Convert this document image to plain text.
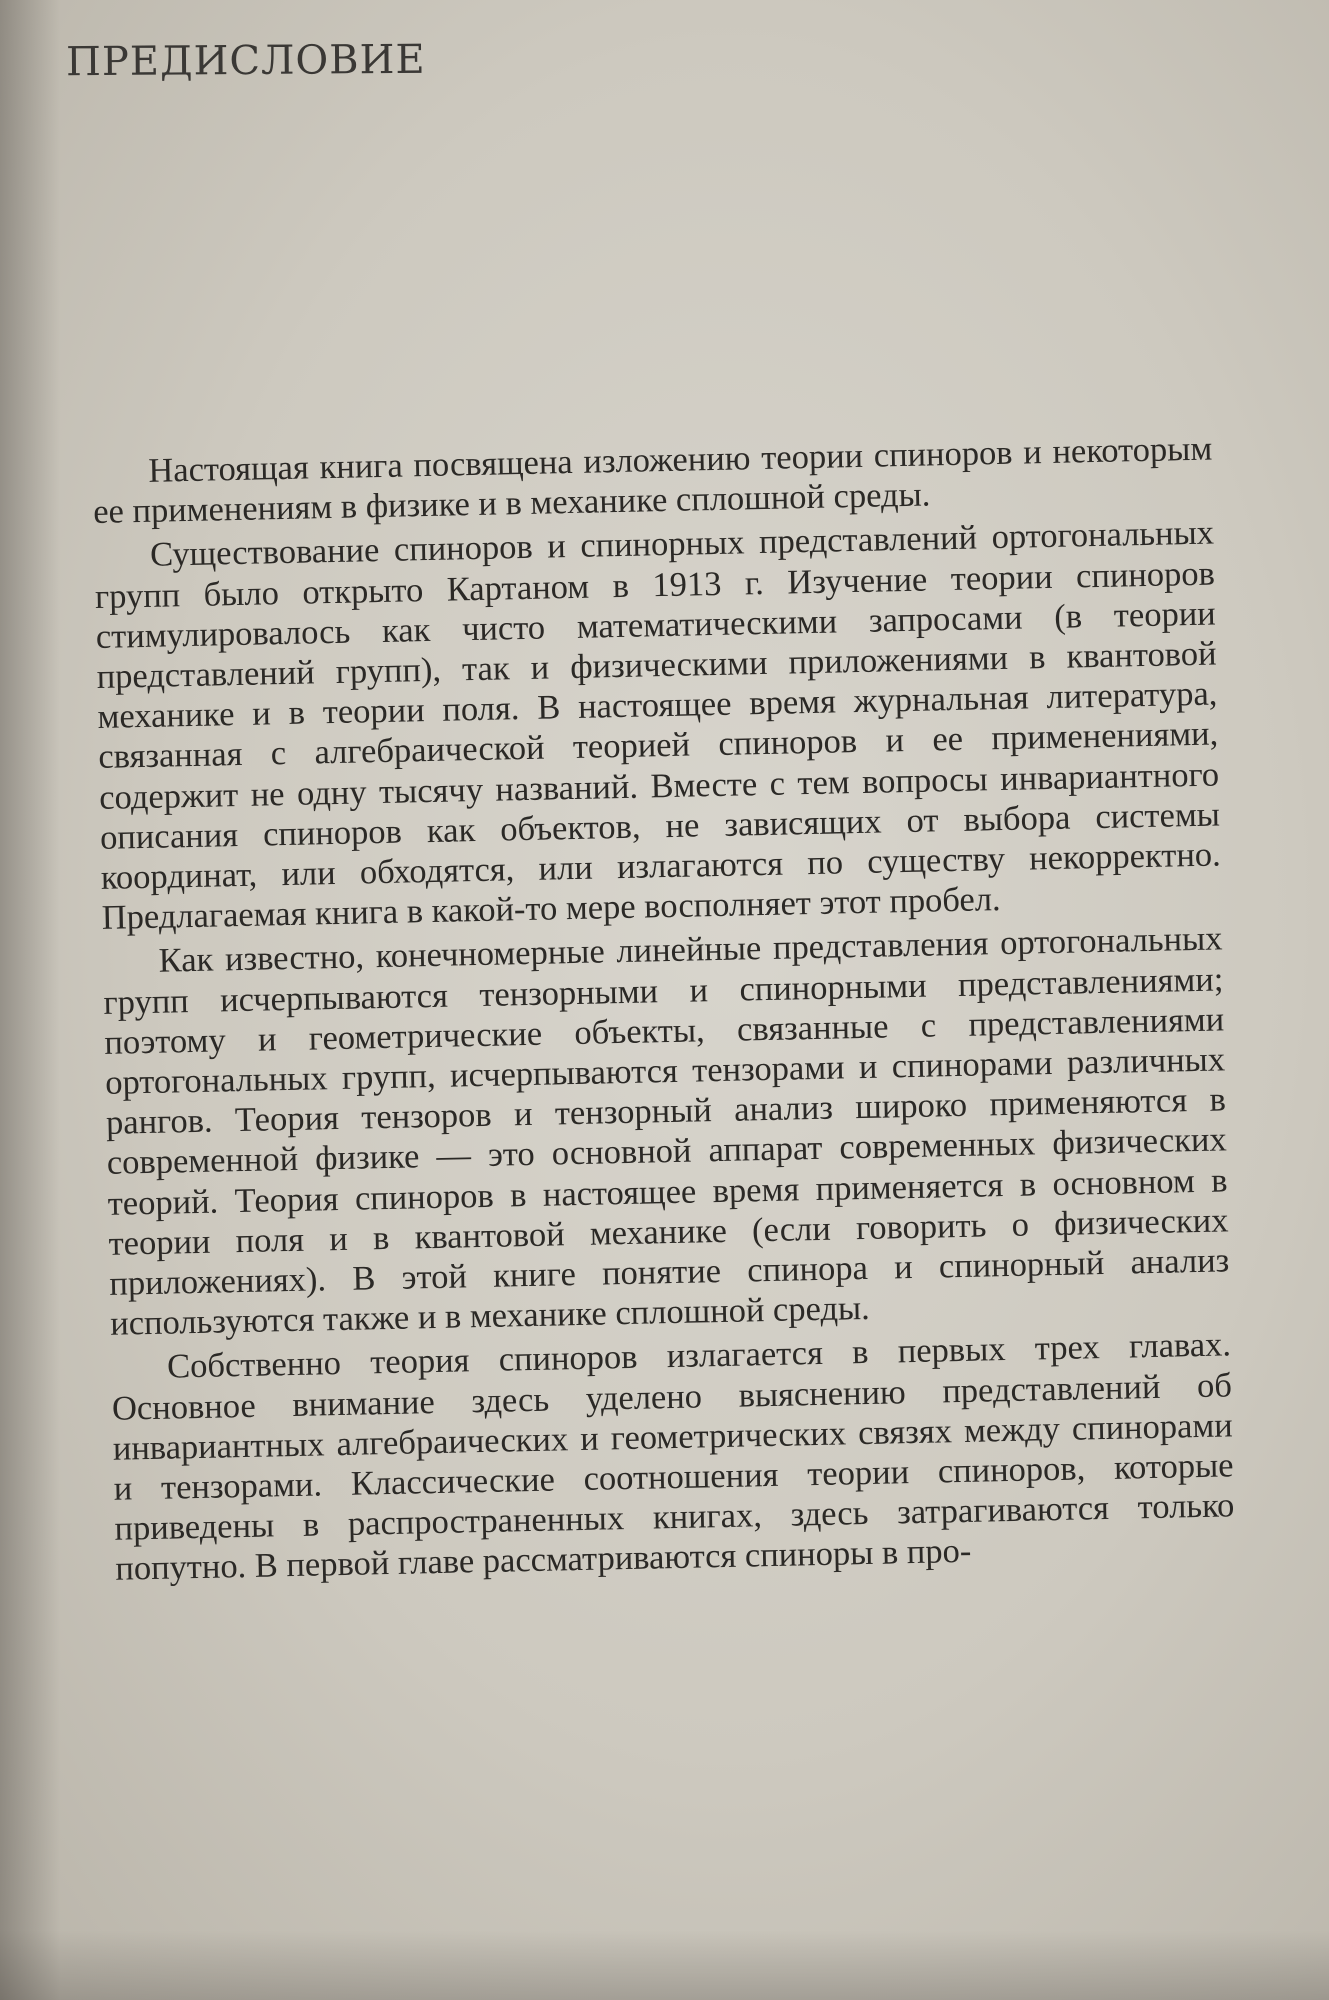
ПРЕДИСЛОВИЕ

Настоящая книга посвящена изложению теории спиноров и некоторым ее применениям в физике и в механике сплошной среды.

Существование спиноров и спинорных представлений ортогональных групп было открыто Картаном в 1913 г. Изучение теории спиноров стимулировалось как чисто математическими запросами (в теории представлений групп), так и физическими приложениями в квантовой механике и в теории поля. В настоящее время журнальная литература, связанная с алгебраической теорией спиноров и ее применениями, содержит не одну тысячу названий. Вместе с тем вопросы инвариантного описания спиноров как объектов, не зависящих от выбора системы координат, или обходятся, или излагаются по существу некорректно. Предлагаемая книга в какой-то мере восполняет этот пробел.

Как известно, конечномерные линейные представления ортогональных групп исчерпываются тензорными и спинорными представлениями; поэтому и геометрические объекты, связанные с представлениями ортогональных групп, исчерпываются тензорами и спинорами различных рангов. Теория тензоров и тензорный анализ широко применяются в современной физике — это основной аппарат современных физических теорий. Теория спиноров в настоящее время применяется в основном в теории поля и в квантовой механике (если говорить о физических приложениях). В этой книге понятие спинора и спинорный анализ используются также и в механике сплошной среды.

Собственно теория спиноров излагается в первых трех главах. Основное внимание здесь уделено выяснению представлений об инвариантных алгебраических и геометрических связях между спинорами и тензорами. Классические соотношения теории спиноров, которые приведены в распространенных книгах, здесь затрагиваются только попутно. В первой главе рассматриваются спиноры в про-
